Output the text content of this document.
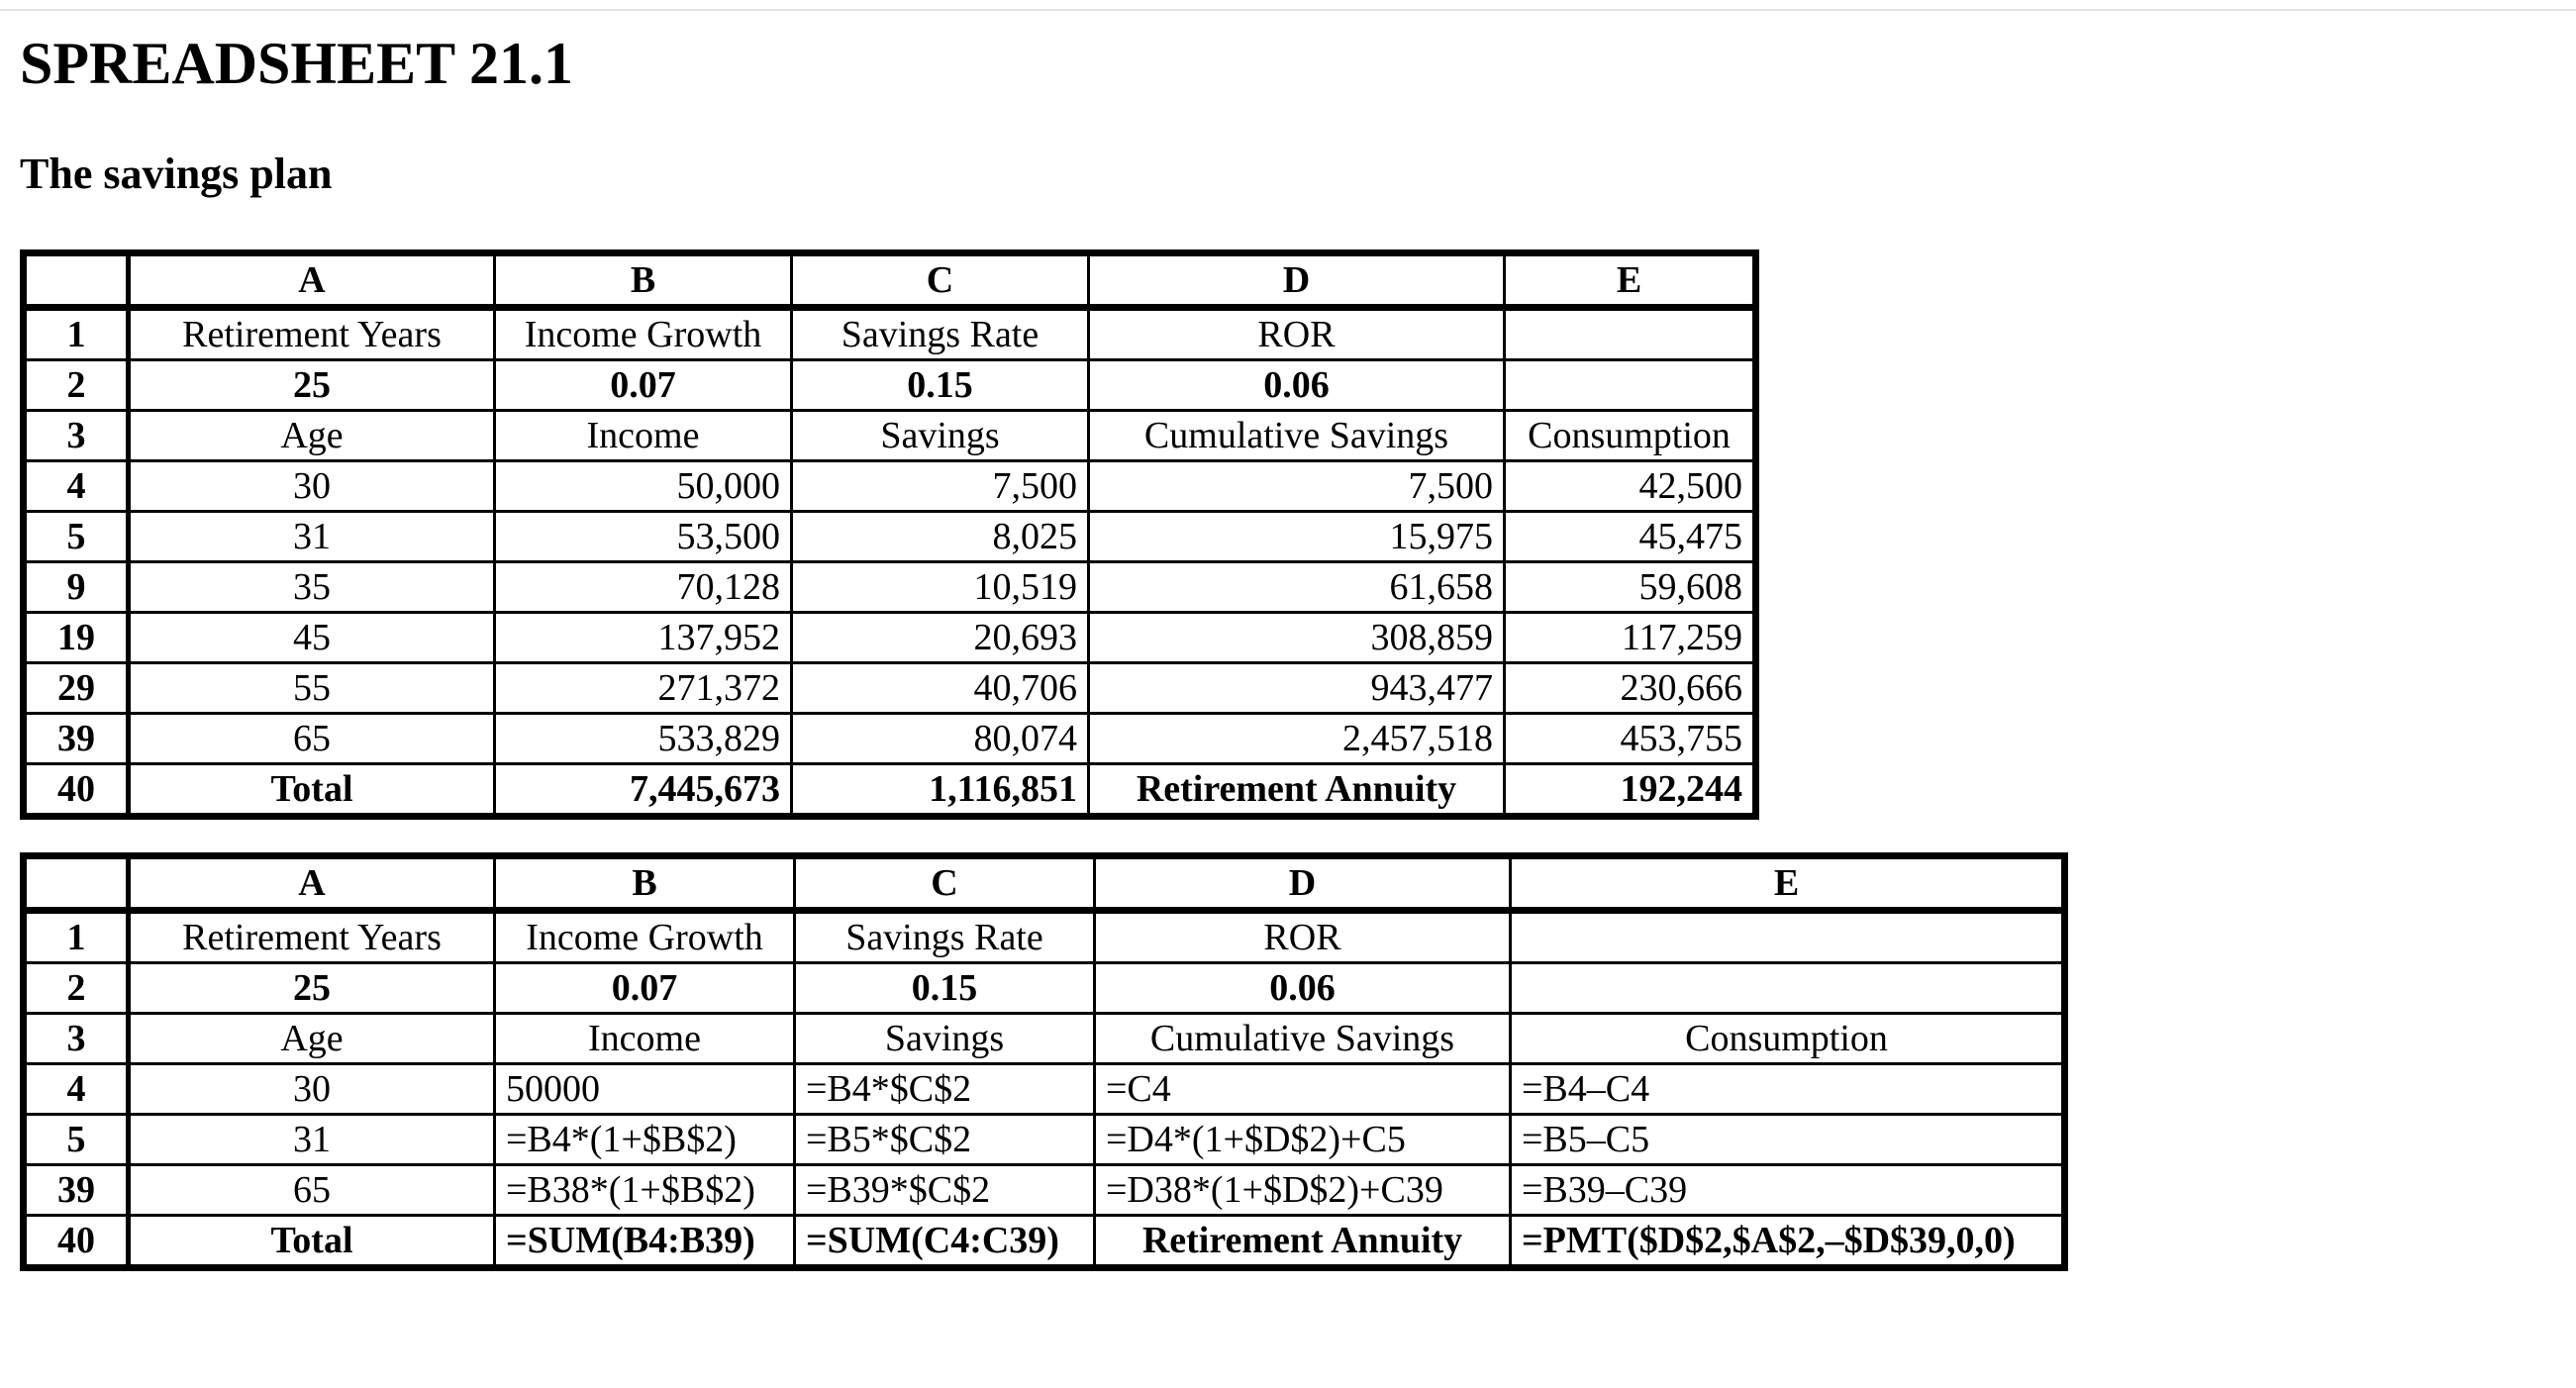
SPREADSHEET 21.1
The savings plan
	A	B	C	D	E
1	Retirement Years	Income Growth	Savings Rate	ROR	
2	25	0.07	0.15	0.06	
3	Age	Income	Savings	Cumulative Savings	Consumption
4	30	50,000	7,500	7,500	42,500
5	31	53,500	8,025	15,975	45,475
9	35	70,128	10,519	61,658	59,608
19	45	137,952	20,693	308,859	117,259
29	55	271,372	40,706	943,477	230,666
39	65	533,829	80,074	2,457,518	453,755
40	Total	7,445,673	1,116,851	Retirement Annuity	192,244
	A	B	C	D	E
1	Retirement Years	Income Growth	Savings Rate	ROR	
2	25	0.07	0.15	0.06	
3	Age	Income	Savings	Cumulative Savings	Consumption
4	30	50000	=B4*$C$2	=C4	=B4–C4
5	31	=B4*(1+$B$2)	=B5*$C$2	=D4*(1+$D$2)+C5	=B5–C5
39	65	=B38*(1+$B$2)	=B39*$C$2	=D38*(1+$D$2)+C39	=B39–C39
40	Total	=SUM(B4:B39)	=SUM(C4:C39)	Retirement Annuity	=PMT($D$2,$A$2,–$D$39,0,0)
